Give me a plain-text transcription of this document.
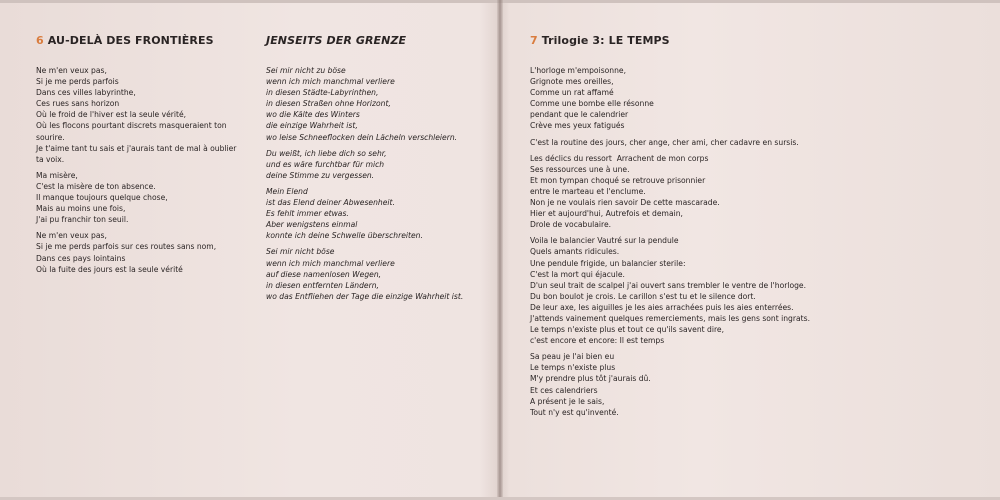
6 AU-DELÀ DES FRONTIÈRES	JENSEITS DER GRENZE	7 Trilogie 3: LE TEMPS
Ne m'en veux pas,
Si je me perds parfois
Dans ces villes labyrinthe,
Ces rues sans horizon
Où le froid de l'hiver est la seule vérité,
Où les flocons pourtant discrets masqueraient ton sourire.
Je t'aime tant tu sais et j'aurais tant de mal à oublier ta voix.
Ma misère,
C'est la misère de ton absence.
Il manque toujours quelque chose,
Mais au moins une fois,
J'ai pu franchir ton seuil.
Ne m'en veux pas,
Si je me perds parfois sur ces routes sans nom,
Dans ces pays lointains
Où la fuite des jours est la seule vérité
Sei mir nicht zu böse
wenn ich mich manchmal verliere
in diesen Städte-Labyrinthen,
in diesen Straßen ohne Horizont,
wo die Kälte des Winters
die einzige Wahrheit ist,
wo leise Schneeflocken dein Lächeln verschleiern.
Du weißt, ich liebe dich so sehr,
und es wäre furchtbar für mich
deine Stimme zu vergessen.
Mein Elend
ist das Elend deiner Abwesenheit.
Es fehlt immer etwas.
Aber wenigstens einmal
konnte ich deine Schwelle überschreiten.
Sei mir nicht böse
wenn ich mich manchmal verliere
auf diese namenlosen Wegen,
in diesen entfernten Ländern,
wo das Entfliehen der Tage die einzige Wahrheit ist.
L'horloge m'empoisonne,
Grignote mes oreilles,
Comme un rat affamé
Comme une bombe elle résonne
pendant que le calendrier
Crève mes yeux fatigués
C'est la routine des jours, cher ange, cher ami, cher cadavre en sursis.
Les déclics du ressort  Arrachent de mon corps
Ses ressources une à une.
Et mon tympan choqué se retrouve prisonnier
entre le marteau et l'enclume.
Non je ne voulais rien savoir De cette mascarade.
Hier et aujourd'hui, Autrefois et demain,
Drole de vocabulaire.
Voila le balancier Vautré sur la pendule
Quels amants ridicules.
Une pendule frigide, un balancier sterile:
C'est la mort qui éjacule.
D'un seul trait de scalpel j'ai ouvert sans trembler le ventre de l'horloge.
Du bon boulot je crois. Le carillon s'est tu et le silence dort.
De leur axe, les aiguilles je les aies arrachées puis les aies enterrées.
J'attends vainement quelques remerciements, mais les gens sont ingrats.
Le temps n'existe plus et tout ce qu'ils savent dire,
c'est encore et encore: Il est temps
Sa peau je l'ai bien eu
Le temps n'existe plus
M'y prendre plus tôt j'aurais dû.
Et ces calendriers
A présent je le sais,
Tout n'y est qu'inventé.
